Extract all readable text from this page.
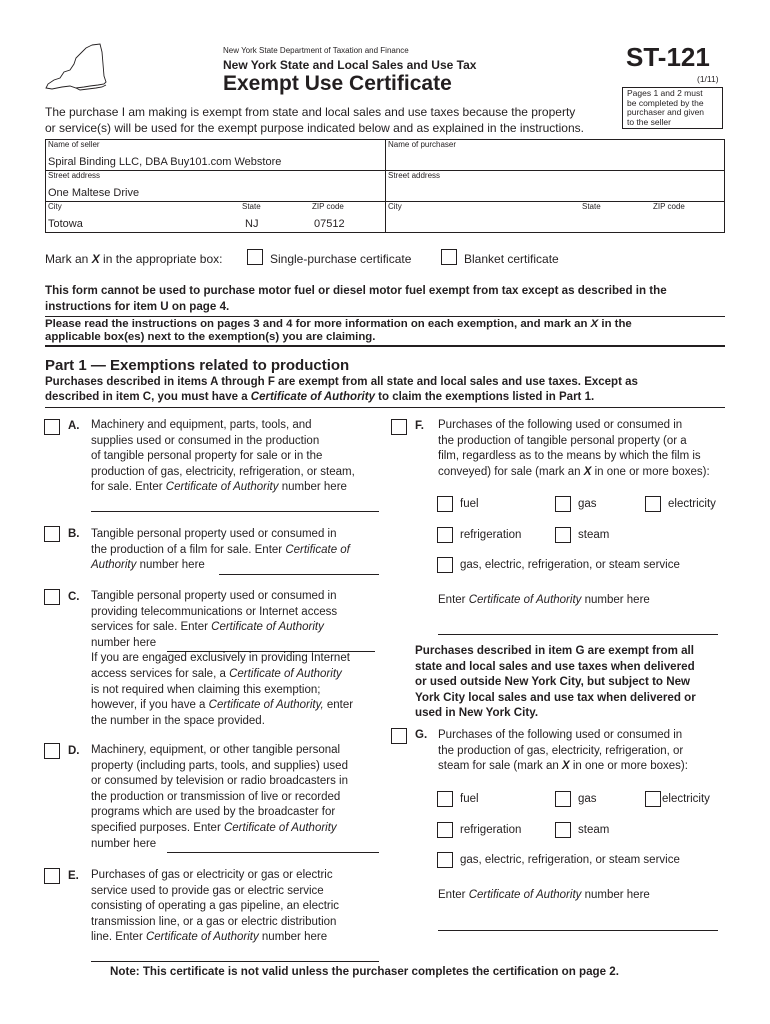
New York State Department of Taxation and Finance
New York State and Local Sales and Use Tax
Exempt Use Certificate
ST-121
(1/11)
Pages 1 and 2 must
be completed by the
purchaser and given
to the seller
The purchase I am making is exempt from state and local sales and use taxes because the property
or service(s) will be used for the exempt purpose indicated below and as explained in the instructions.
Name of seller
Spiral Binding LLC, DBA Buy101.com Webstore
Street address
One Maltese Drive
City
Totowa
State
NJ
ZIP code
07512
Name of purchaser
Street address
City	State	ZIP code
Mark an X in the appropriate box:	Single-purchase certificate	Blanket certificate
This form cannot be used to purchase motor fuel or diesel motor fuel exempt from tax except as described in the
instructions for item U on page 4.
Please read the instructions on pages 3 and 4 for more information on each exemption, and mark an X in the
applicable box(es) next to the exemption(s) you are claiming.
Part 1 — Exemptions related to production
Purchases described in items A through F are exempt from all state and local sales and use taxes. Except as
described in item C, you must have a Certificate of Authority to claim the exemptions listed in Part 1.
A. Machinery and equipment, parts, tools, and
supplies used or consumed in the production
of tangible personal property for sale or in the
production of gas, electricity, refrigeration, or steam,
for sale. Enter Certificate of Authority number here
B. Tangible personal property used or consumed in
the production of a film for sale. Enter Certificate of
Authority number here
C. Tangible personal property used or consumed in
providing telecommunications or Internet access
services for sale. Enter Certificate of Authority
number here
If you are engaged exclusively in providing Internet
access services for sale, a Certificate of Authority
is not required when claiming this exemption;
however, if you have a Certificate of Authority, enter
the number in the space provided.
D. Machinery, equipment, or other tangible personal
property (including parts, tools, and supplies) used
or consumed by television or radio broadcasters in
the production or transmission of live or recorded
programs which are used by the broadcaster for
specified purposes. Enter Certificate of Authority
number here
E. Purchases of gas or electricity or gas or electric
service used to provide gas or electric service
consisting of operating a gas pipeline, an electric
transmission line, or a gas or electric distribution
line. Enter Certificate of Authority number here
F. Purchases of the following used or consumed in
the production of tangible personal property (or a
film, regardless as to the means by which the film is
conveyed) for sale (mark an X in one or more boxes):
fuel	gas	electricity
refrigeration	steam
gas, electric, refrigeration, or steam service
Enter Certificate of Authority number here
Purchases described in item G are exempt from all
state and local sales and use taxes when delivered
or used outside New York City, but subject to New
York City local sales and use tax when delivered or
used in New York City.
G. Purchases of the following used or consumed in
the production of gas, electricity, refrigeration, or
steam for sale (mark an X in one or more boxes):
fuel	gas	electricity
refrigeration	steam
gas, electric, refrigeration, or steam service
Enter Certificate of Authority number here
Note: This certificate is not valid unless the purchaser completes the certification on page 2.
